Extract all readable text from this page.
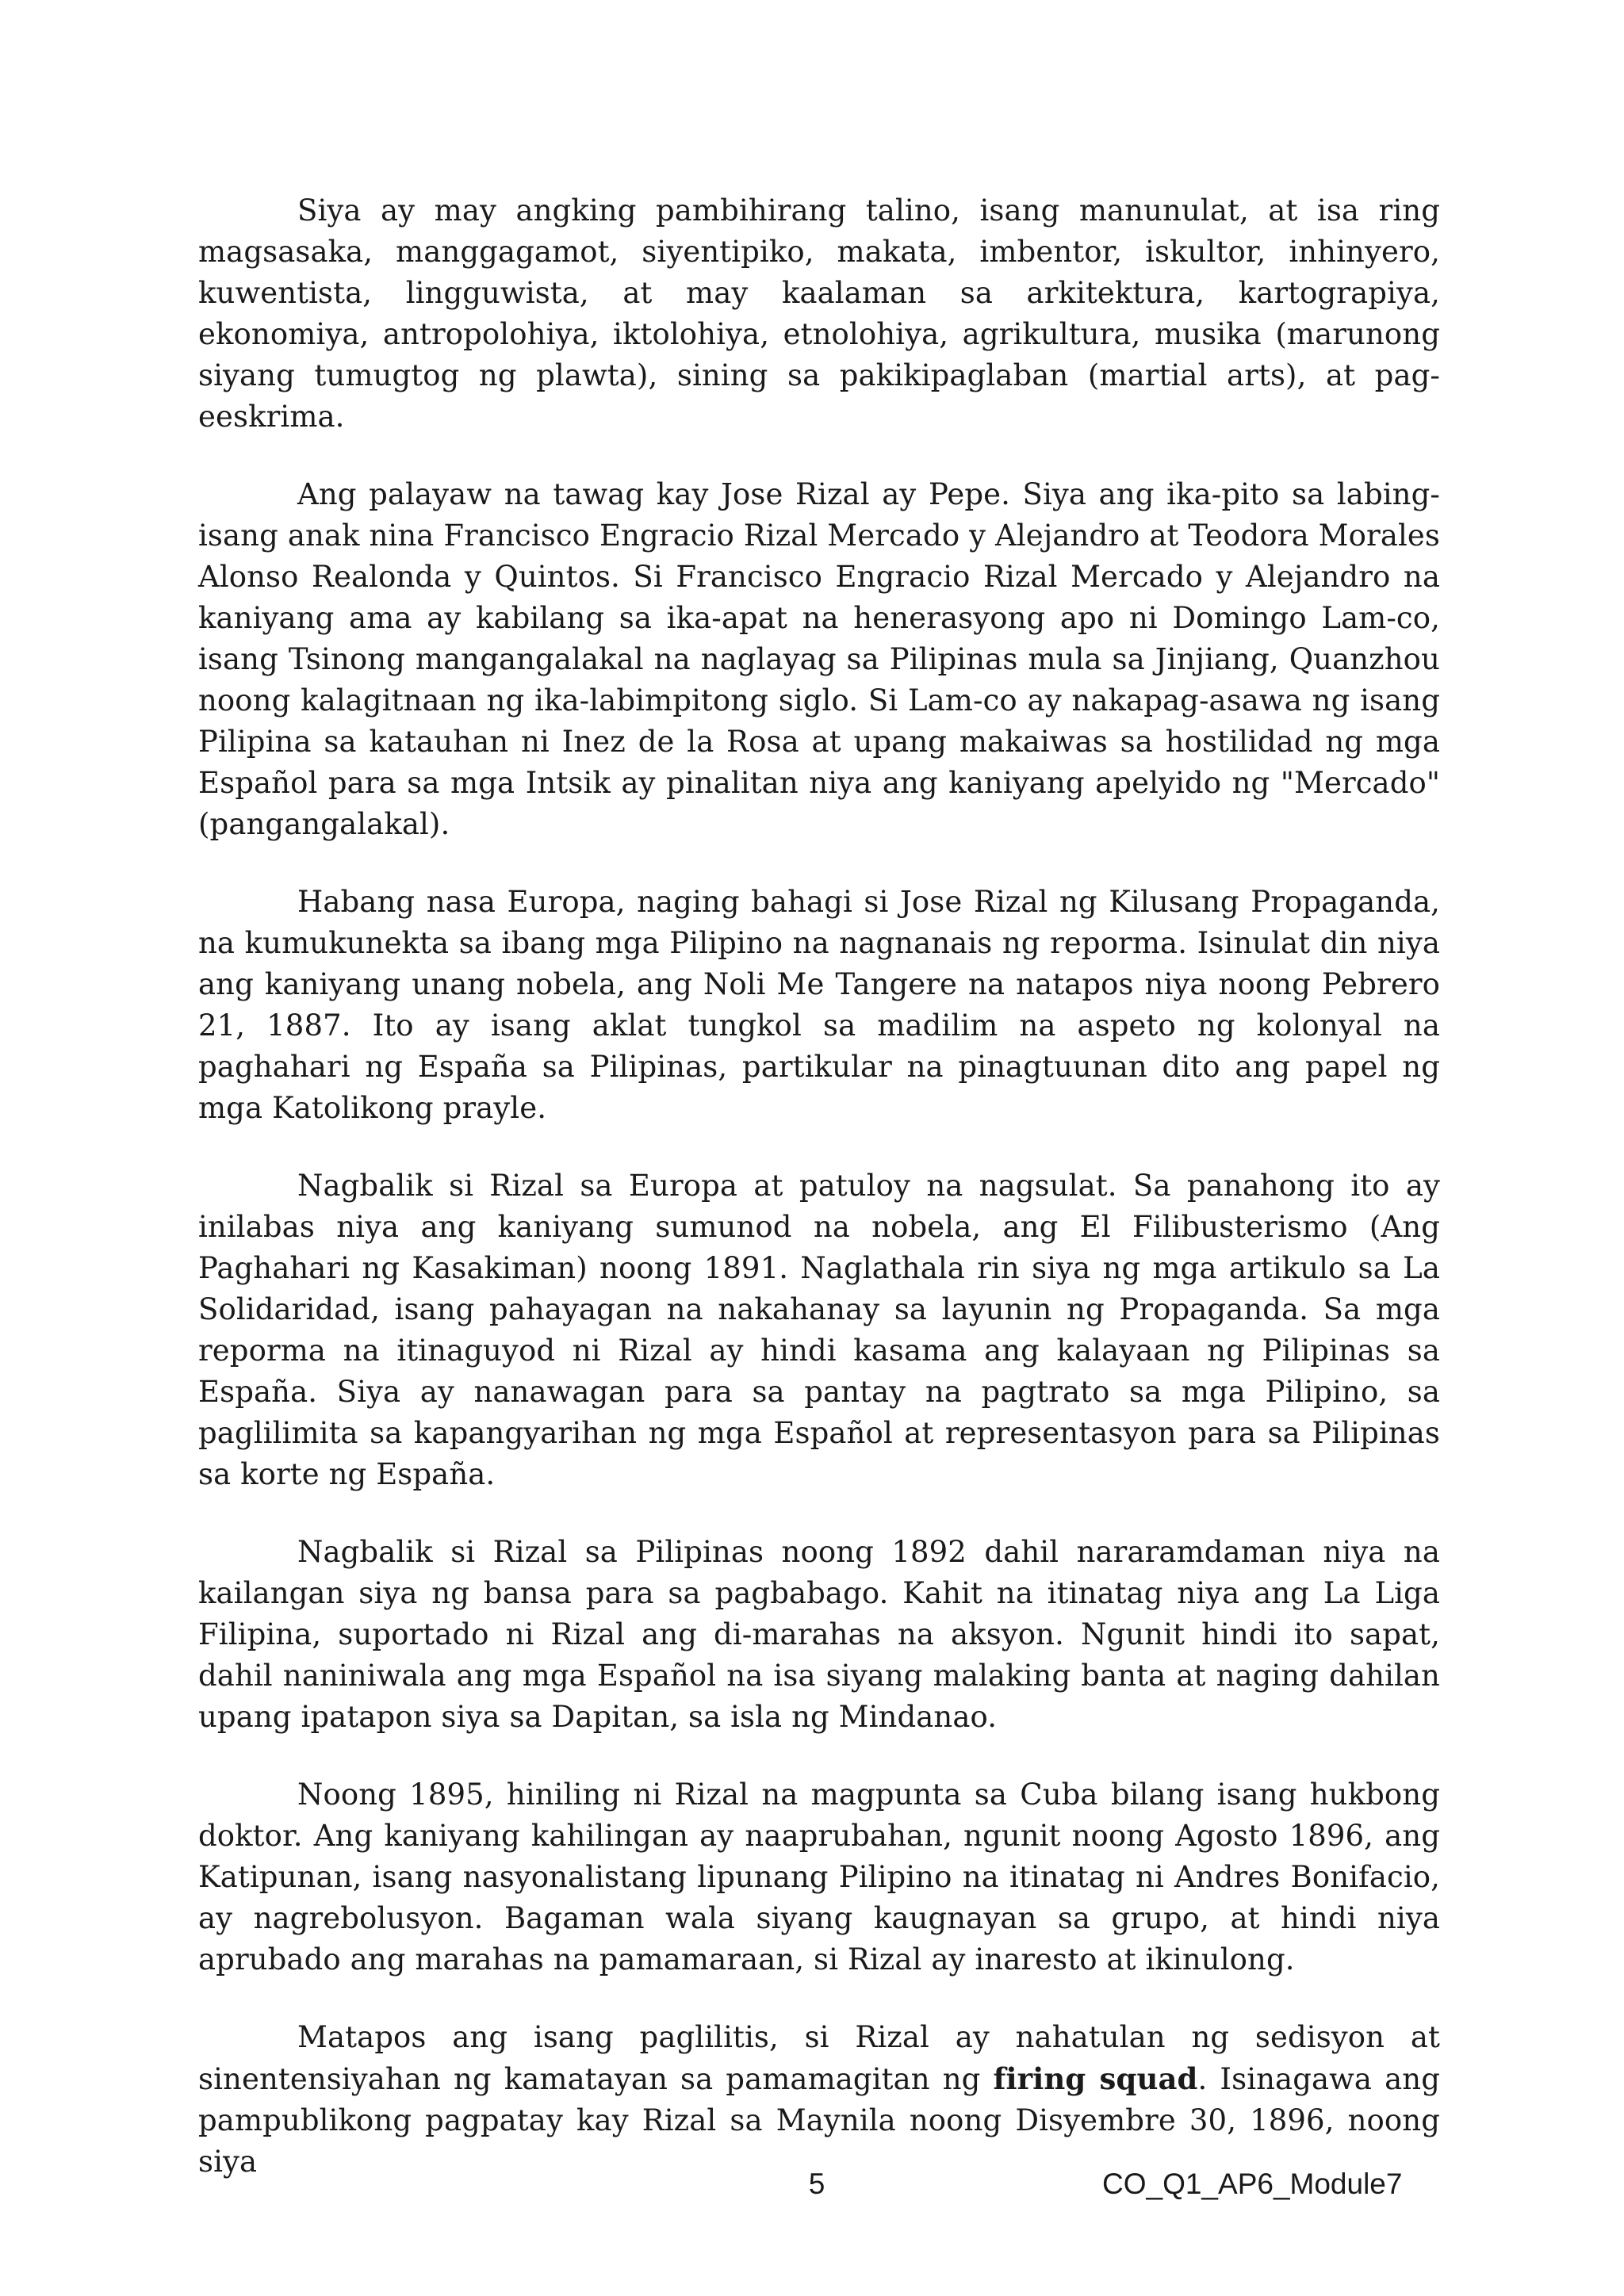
Siya ay may angking pambihirang talino, isang manunulat, at isa ring magsasaka, manggagamot, siyentipiko, makata, imbentor, iskultor, inhinyero, kuwentista, lingguwista, at may kaalaman sa arkitektura, kartograpiya, ekonomiya, antropolohiya, iktolohiya, etnolohiya, agrikultura, musika (marunong siyang tumugtog ng plawta), sining sa pakikipaglaban (martial arts), at pag-eeskrima.

Ang palayaw na tawag kay Jose Rizal ay Pepe. Siya ang ika-pito sa labing-isang anak nina Francisco Engracio Rizal Mercado y Alejandro at Teodora Morales Alonso Realonda y Quintos. Si Francisco Engracio Rizal Mercado y Alejandro na kaniyang ama ay kabilang sa ika-apat na henerasyong apo ni Domingo Lam-co, isang Tsinong mangangalakal na naglayag sa Pilipinas mula sa Jinjiang, Quanzhou noong kalagitnaan ng ika-labimpitong siglo. Si Lam-co ay nakapag-asawa ng isang Pilipina sa katauhan ni Inez de la Rosa at upang makaiwas sa hostilidad ng mga Español para sa mga Intsik ay pinalitan niya ang kaniyang apelyido ng "Mercado" (pangangalakal).

Habang nasa Europa, naging bahagi si Jose Rizal ng Kilusang Propaganda, na kumukunekta sa ibang mga Pilipino na nagnanais ng reporma. Isinulat din niya ang kaniyang unang nobela, ang Noli Me Tangere na natapos niya noong Pebrero 21, 1887. Ito ay isang aklat tungkol sa madilim na aspeto ng kolonyal na paghahari ng España sa Pilipinas, partikular na pinagtuunan dito ang papel ng mga Katolikong prayle.

Nagbalik si Rizal sa Europa at patuloy na nagsulat. Sa panahong ito ay inilabas niya ang kaniyang sumunod na nobela, ang El Filibusterismo (Ang Paghahari ng Kasakiman) noong 1891. Naglathala rin siya ng mga artikulo sa La Solidaridad, isang pahayagan na nakahanay sa layunin ng Propaganda. Sa mga reporma na itinaguyod ni Rizal ay hindi kasama ang kalayaan ng Pilipinas sa España. Siya ay nanawagan para sa pantay na pagtrato sa mga Pilipino, sa paglilimita sa kapangyarihan ng mga Español at representasyon para sa Pilipinas sa korte ng España.

Nagbalik si Rizal sa Pilipinas noong 1892 dahil nararamdaman niya na kailangan siya ng bansa para sa pagbabago. Kahit na itinatag niya ang La Liga Filipina, suportado ni Rizal ang di-marahas na aksyon. Ngunit hindi ito sapat, dahil naniniwala ang mga Español na isa siyang malaking banta at naging dahilan upang ipatapon siya sa Dapitan, sa isla ng Mindanao.

Noong 1895, hiniling ni Rizal na magpunta sa Cuba bilang isang hukbong doktor. Ang kaniyang kahilingan ay naaprubahan, ngunit noong Agosto 1896, ang Katipunan, isang nasyonalistang lipunang Pilipino na itinatag ni Andres Bonifacio, ay nagrebolusyon. Bagaman wala siyang kaugnayan sa grupo, at hindi niya aprubado ang marahas na pamamaraan, si Rizal ay inaresto at ikinulong.

Matapos ang isang paglilitis, si Rizal ay nahatulan ng sedisyon at sinentensiyahan ng kamatayan sa pamamagitan ng firing squad. Isinagawa ang pampublikong pagpatay kay Rizal sa Maynila noong Disyembre 30, 1896, noong siya

5	CO_Q1_AP6_Module7
